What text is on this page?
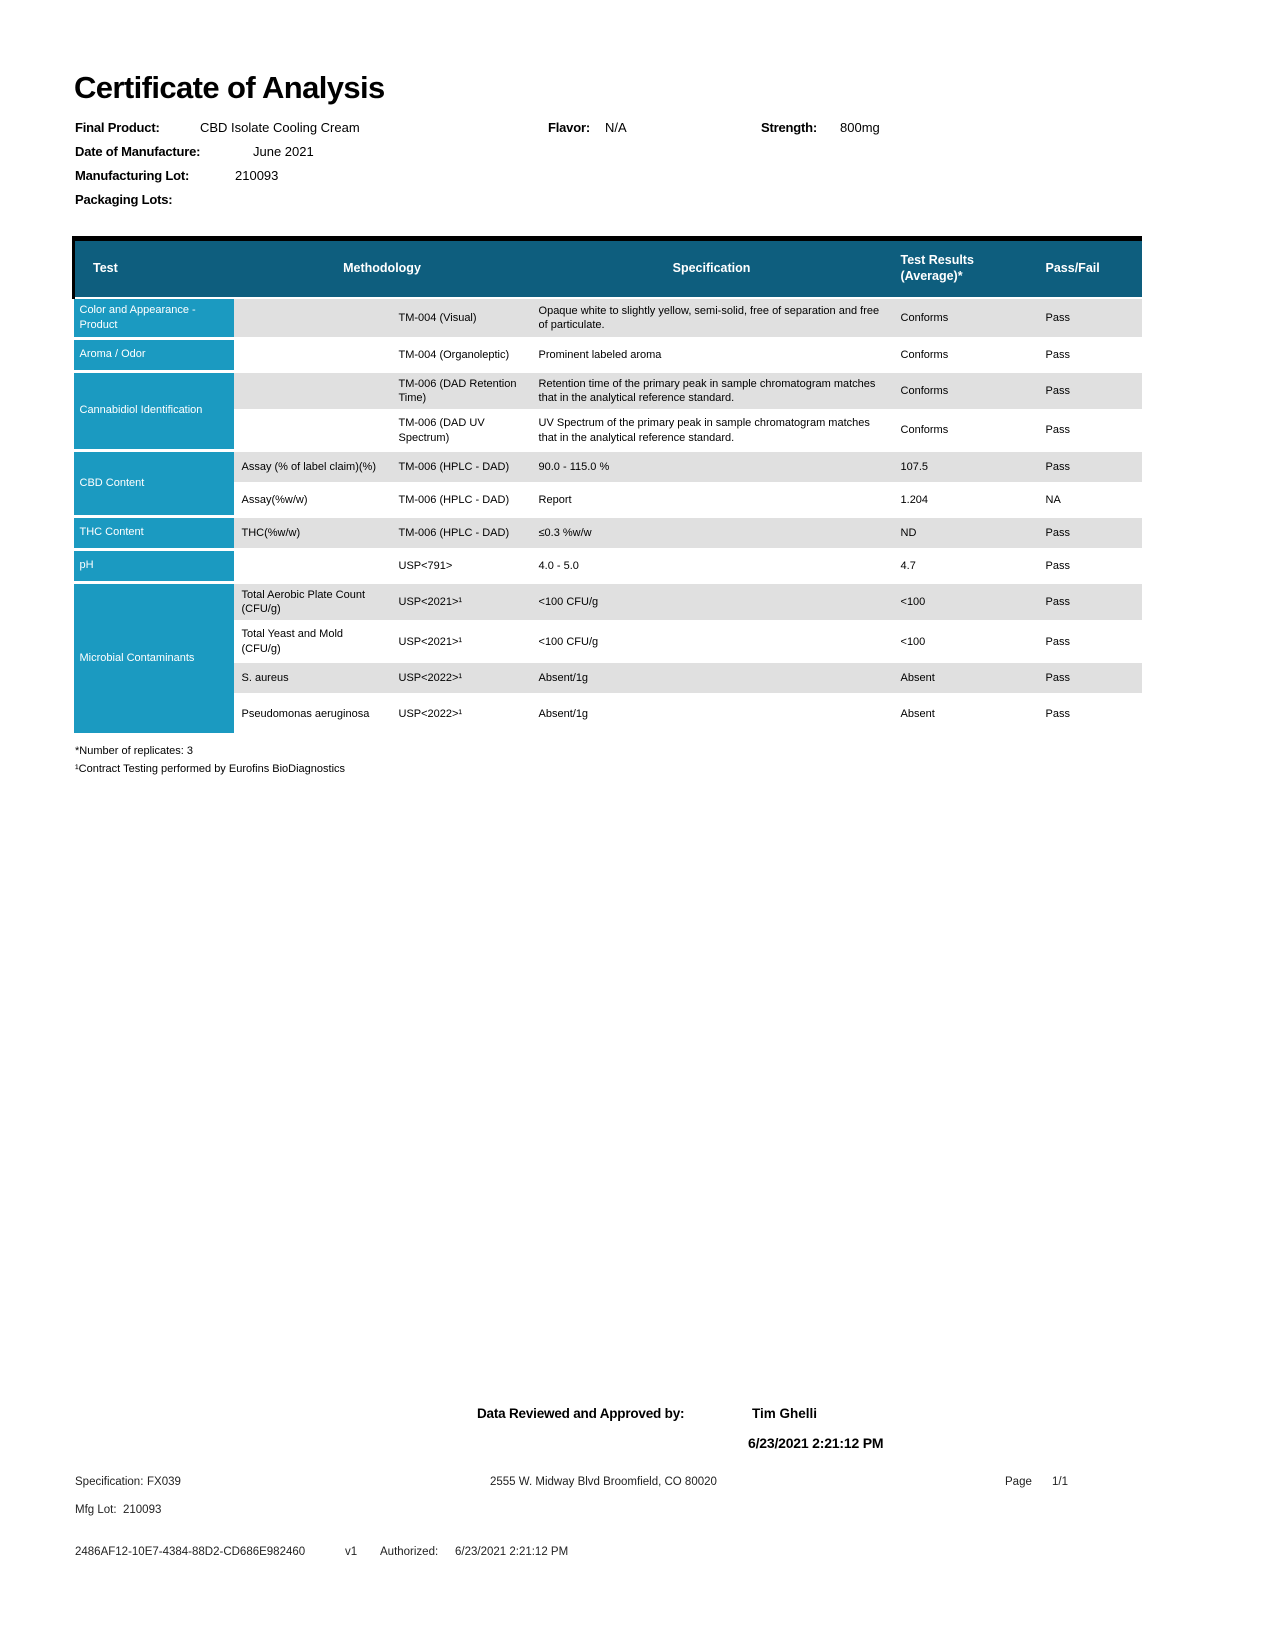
Certificate of Analysis
Final Product:	CBD Isolate Cooling Cream	Flavor: N/A	Strength: 800mg
Date of Manufacture:	June 2021
Manufacturing Lot:	210093
Packaging Lots:
Test	Methodology		Specification	Test Results (Average)*	Pass/Fail
Color and Appearance - Product		TM-004 (Visual)	Opaque white to slightly yellow, semi-solid, free of separation and free of particulate.	Conforms	Pass
Aroma / Odor		TM-004 (Organoleptic)	Prominent labeled aroma	Conforms	Pass
Cannabidiol Identification		TM-006 (DAD Retention Time)	Retention time of the primary peak in sample chromatogram matches that in the analytical reference standard.	Conforms	Pass
		TM-006 (DAD UV Spectrum)	UV Spectrum of the primary peak in sample chromatogram matches that in the analytical reference standard.	Conforms	Pass
CBD Content	Assay (% of label claim)(%)	TM-006 (HPLC - DAD)	90.0 - 115.0 %	107.5	Pass
	Assay(%w/w)	TM-006 (HPLC - DAD)	Report	1.204	NA
THC Content	THC(%w/w)	TM-006 (HPLC - DAD)	≤0.3 %w/w	ND	Pass
pH		USP<791>	4.0 - 5.0	4.7	Pass
Microbial Contaminants	Total Aerobic Plate Count (CFU/g)	USP<2021>¹	<100 CFU/g	<100	Pass
	Total Yeast and Mold (CFU/g)	USP<2021>¹	<100 CFU/g	<100	Pass
	S. aureus	USP<2022>¹	Absent/1g	Absent	Pass
	Pseudomonas aeruginosa	USP<2022>¹	Absent/1g	Absent	Pass
*Number of replicates: 3
¹Contract Testing performed by Eurofins BioDiagnostics
Data Reviewed and Approved by:	Tim Ghelli
6/23/2021 2:21:12 PM
Specification: FX039	2555 W. Midway Blvd Broomfield, CO 80020	Page 1/1
Mfg Lot: 210093
2486AF12-10E7-4384-88D2-CD686E982460	v1 Authorized: 6/23/2021 2:21:12 PM
